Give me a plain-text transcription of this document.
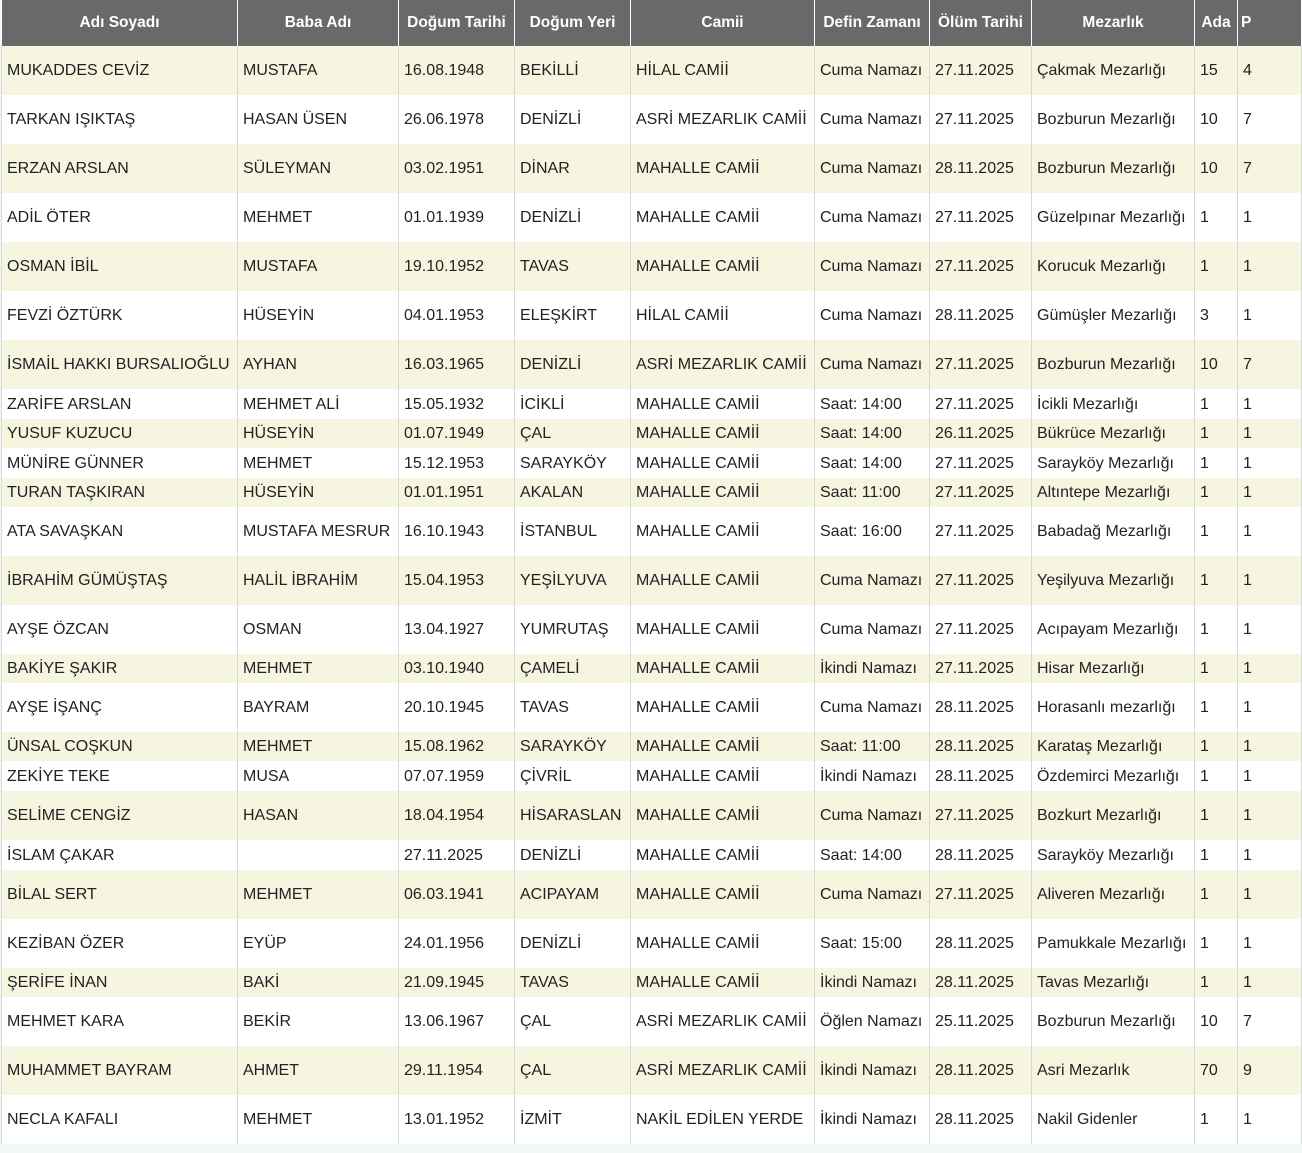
Adı Soyadı	Baba Adı	Doğum Tarihi	Doğum Yeri	Camii	Defin Zamanı	Ölüm Tarihi	Mezarlık	Ada	P
MUKADDES CEVİZ	MUSTAFA	16.08.1948	BEKİLLİ	HİLAL CAMİİ	Cuma Namazı	27.11.2025	Çakmak Mezarlığı	15	4
TARKAN IŞIKTAŞ	HASAN ÜSEN	26.06.1978	DENİZLİ	ASRİ MEZARLIK CAMİİ	Cuma Namazı	27.11.2025	Bozburun Mezarlığı	10	7
ERZAN ARSLAN	SÜLEYMAN	03.02.1951	DİNAR	MAHALLE CAMİİ	Cuma Namazı	28.11.2025	Bozburun Mezarlığı	10	7
ADİL ÖTER	MEHMET	01.01.1939	DENİZLİ	MAHALLE CAMİİ	Cuma Namazı	27.11.2025	Güzelpınar Mezarlığı	1	1
OSMAN İBİL	MUSTAFA	19.10.1952	TAVAS	MAHALLE CAMİİ	Cuma Namazı	27.11.2025	Korucuk Mezarlığı	1	1
FEVZİ ÖZTÜRK	HÜSEYİN	04.01.1953	ELEŞKİRT	HİLAL CAMİİ	Cuma Namazı	28.11.2025	Gümüşler Mezarlığı	3	1
İSMAİL HAKKI BURSALIOĞLU	AYHAN	16.03.1965	DENİZLİ	ASRİ MEZARLIK CAMİİ	Cuma Namazı	27.11.2025	Bozburun Mezarlığı	10	7
ZARİFE ARSLAN	MEHMET ALİ	15.05.1932	İCİKLİ	MAHALLE CAMİİ	Saat: 14:00	27.11.2025	İcikli Mezarlığı	1	1
YUSUF KUZUCU	HÜSEYİN	01.07.1949	ÇAL	MAHALLE CAMİİ	Saat: 14:00	26.11.2025	Bükrüce Mezarlığı	1	1
MÜNİRE GÜNNER	MEHMET	15.12.1953	SARAYKÖY	MAHALLE CAMİİ	Saat: 14:00	27.11.2025	Sarayköy Mezarlığı	1	1
TURAN TAŞKIRAN	HÜSEYİN	01.01.1951	AKALAN	MAHALLE CAMİİ	Saat: 11:00	27.11.2025	Altıntepe Mezarlığı	1	1
ATA SAVAŞKAN	MUSTAFA MESRUR	16.10.1943	İSTANBUL	MAHALLE CAMİİ	Saat: 16:00	27.11.2025	Babadağ Mezarlığı	1	1
İBRAHİM GÜMÜŞTAŞ	HALİL İBRAHİM	15.04.1953	YEŞİLYUVA	MAHALLE CAMİİ	Cuma Namazı	27.11.2025	Yeşilyuva Mezarlığı	1	1
AYŞE ÖZCAN	OSMAN	13.04.1927	YUMRUTAŞ	MAHALLE CAMİİ	Cuma Namazı	27.11.2025	Acıpayam Mezarlığı	1	1
BAKİYE ŞAKIR	MEHMET	03.10.1940	ÇAMELİ	MAHALLE CAMİİ	İkindi Namazı	27.11.2025	Hisar Mezarlığı	1	1
AYŞE İŞANÇ	BAYRAM	20.10.1945	TAVAS	MAHALLE CAMİİ	Cuma Namazı	28.11.2025	Horasanlı mezarlığı	1	1
ÜNSAL COŞKUN	MEHMET	15.08.1962	SARAYKÖY	MAHALLE CAMİİ	Saat: 11:00	28.11.2025	Karataş Mezarlığı	1	1
ZEKİYE TEKE	MUSA	07.07.1959	ÇİVRİL	MAHALLE CAMİİ	İkindi Namazı	28.11.2025	Özdemirci Mezarlığı	1	1
SELİME CENGİZ	HASAN	18.04.1954	HİSARASLAN	MAHALLE CAMİİ	Cuma Namazı	27.11.2025	Bozkurt Mezarlığı	1	1
İSLAM ÇAKAR		27.11.2025	DENİZLİ	MAHALLE CAMİİ	Saat: 14:00	28.11.2025	Sarayköy Mezarlığı	1	1
BİLAL SERT	MEHMET	06.03.1941	ACIPAYAM	MAHALLE CAMİİ	Cuma Namazı	27.11.2025	Aliveren Mezarlığı	1	1
KEZİBAN ÖZER	EYÜP	24.01.1956	DENİZLİ	MAHALLE CAMİİ	Saat: 15:00	28.11.2025	Pamukkale Mezarlığı	1	1
ŞERİFE İNAN	BAKİ	21.09.1945	TAVAS	MAHALLE CAMİİ	İkindi Namazı	28.11.2025	Tavas Mezarlığı	1	1
MEHMET KARA	BEKİR	13.06.1967	ÇAL	ASRİ MEZARLIK CAMİİ	Öğlen Namazı	25.11.2025	Bozburun Mezarlığı	10	7
MUHAMMET BAYRAM	AHMET	29.11.1954	ÇAL	ASRİ MEZARLIK CAMİİ	İkindi Namazı	28.11.2025	Asri Mezarlık	70	9
NECLA KAFALI	MEHMET	13.01.1952	İZMİT	NAKİL EDİLEN YERDE	İkindi Namazı	28.11.2025	Nakil Gidenler	1	1
